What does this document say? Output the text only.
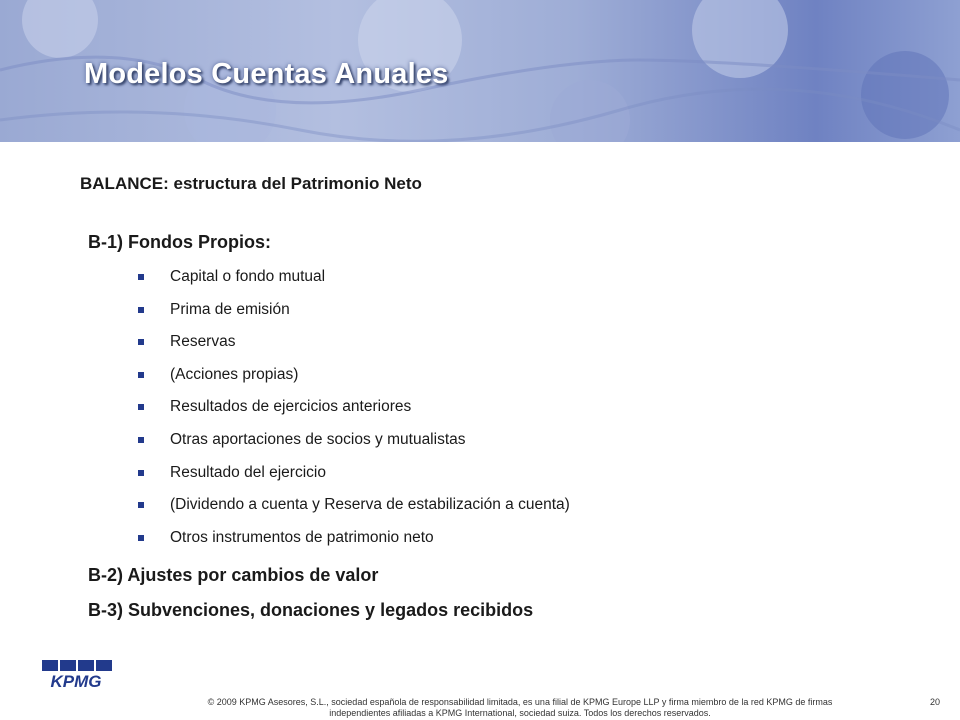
Modelos Cuentas Anuales
BALANCE: estructura del Patrimonio Neto
B-1) Fondos Propios:
Capital o fondo mutual
Prima de emisión
Reservas
(Acciones propias)
Resultados de ejercicios anteriores
Otras aportaciones de socios y mutualistas
Resultado del ejercicio
(Dividendo a cuenta y Reserva de estabilización a cuenta)
Otros instrumentos de patrimonio neto
B-2) Ajustes por cambios de valor
B-3) Subvenciones, donaciones y legados recibidos
KPMG
© 2009 KPMG Asesores, S.L., sociedad española de responsabilidad limitada, es una filial de KPMG Europe LLP y firma miembro de la red KPMG de firmas
independientes afiliadas a KPMG International, sociedad suiza. Todos los derechos reservados.
20
